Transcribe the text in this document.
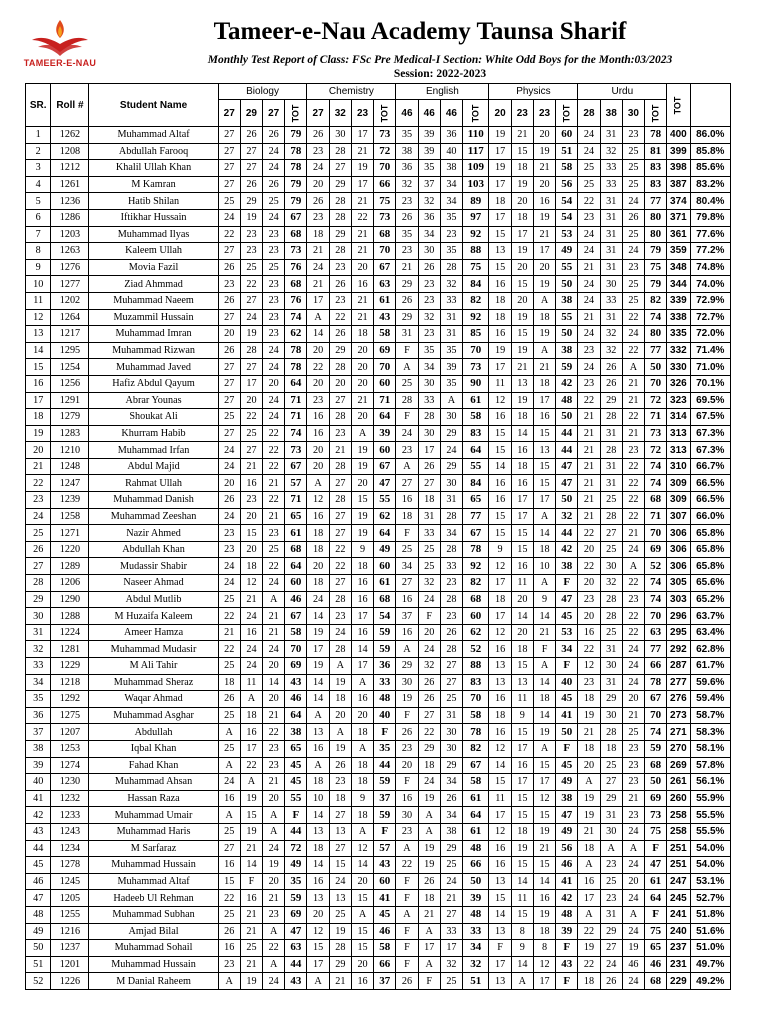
TAMEER-E-NAU
Tameer-e-Nau Academy Taunsa Sharif
Monthly Test Report of Class: FSc Pre Medical-I Section: White Odd Boys for the Month:03/2023
Session: 2022-2023
SR.	Roll #	Student Name	Biology				Chemistry				English				Physics				Urdu				TOT	
			27	29	27	TOT	27	32	23	TOT	46	46	46	TOT	20	23	23	TOT	28	38	30	TOT		
1	1262	Muhammad Altaf	27	26	26	79	26	30	17	73	35	39	36	110	19	21	20	60	24	31	23	78	400	86.0%
2	1208	Abdullah Farooq	27	27	24	78	23	28	21	72	38	39	40	117	17	15	19	51	24	32	25	81	399	85.8%
3	1212	Khalil Ullah Khan	27	27	24	78	24	27	19	70	36	35	38	109	19	18	21	58	25	33	25	83	398	85.6%
4	1261	M Kamran	27	26	26	79	20	29	17	66	32	37	34	103	17	19	20	56	25	33	25	83	387	83.2%
5	1236	Hatib Shilan	25	29	25	79	26	28	21	75	23	32	34	89	18	20	16	54	22	31	24	77	374	80.4%
6	1286	Iftikhar Hussain	24	19	24	67	23	28	22	73	26	36	35	97	17	18	19	54	23	31	26	80	371	79.8%
7	1203	Muhammad Ilyas	22	23	23	68	18	29	21	68	35	34	23	92	15	17	21	53	24	31	25	80	361	77.6%
8	1263	Kaleem Ullah	27	23	23	73	21	28	21	70	23	30	35	88	13	19	17	49	24	31	24	79	359	77.2%
9	1276	Movia Fazil	26	25	25	76	24	23	20	67	21	26	28	75	15	20	20	55	21	31	23	75	348	74.8%
10	1277	Ziad Ahmmad	23	22	23	68	21	26	16	63	29	23	32	84	16	15	19	50	24	30	25	79	344	74.0%
11	1202	Muhammad Naeem	26	27	23	76	17	23	21	61	26	23	33	82	18	20	A	38	24	33	25	82	339	72.9%
12	1264	Muzammil Hussain	27	24	23	74	A	22	21	43	29	32	31	92	18	19	18	55	21	31	22	74	338	72.7%
13	1217	Muhammad Imran	20	19	23	62	14	26	18	58	31	23	31	85	16	15	19	50	24	32	24	80	335	72.0%
14	1295	Muhammad Rizwan	26	28	24	78	20	29	20	69	F	35	35	70	19	19	A	38	23	32	22	77	332	71.4%
15	1254	Muhammad Javed	27	27	24	78	22	28	20	70	A	34	39	73	17	21	21	59	24	26	A	50	330	71.0%
16	1256	Hafiz Abdul Qayum	27	17	20	64	20	20	20	60	25	30	35	90	11	13	18	42	23	26	21	70	326	70.1%
17	1291	Abrar Younas	27	20	24	71	23	27	21	71	28	33	A	61	12	19	17	48	22	29	21	72	323	69.5%
18	1279	Shoukat Ali	25	22	24	71	16	28	20	64	F	28	30	58	16	18	16	50	21	28	22	71	314	67.5%
19	1283	Khurram Habib	27	25	22	74	16	23	A	39	24	30	29	83	15	14	15	44	21	31	21	73	313	67.3%
20	1210	Muhammad Irfan	24	27	22	73	20	21	19	60	23	17	24	64	15	16	13	44	21	28	23	72	313	67.3%
21	1248	Abdul Majid	24	21	22	67	20	28	19	67	A	26	29	55	14	18	15	47	21	31	22	74	310	66.7%
22	1247	Rahmat Ullah	20	16	21	57	A	27	20	47	27	27	30	84	16	16	15	47	21	31	22	74	309	66.5%
23	1239	Muhammad Danish	26	23	22	71	12	28	15	55	16	18	31	65	16	17	17	50	21	25	22	68	309	66.5%
24	1258	Muhammad Zeeshan	24	20	21	65	16	27	19	62	18	31	28	77	15	17	A	32	21	28	22	71	307	66.0%
25	1271	Nazir Ahmed	23	15	23	61	18	27	19	64	F	33	34	67	15	15	14	44	22	27	21	70	306	65.8%
26	1220	Abdullah Khan	23	20	25	68	18	22	9	49	25	25	28	78	9	15	18	42	20	25	24	69	306	65.8%
27	1289	Mudassir Shabir	24	18	22	64	20	22	18	60	34	25	33	92	12	16	10	38	22	30	A	52	306	65.8%
28	1206	Naseer Ahmad	24	12	24	60	18	27	16	61	27	32	23	82	17	11	A	F	20	32	22	74	305	65.6%
29	1290	Abdul Mutlib	25	21	A	46	24	28	16	68	16	24	28	68	18	20	9	47	23	28	23	74	303	65.2%
30	1288	M Huzaifa Kaleem	22	24	21	67	14	23	17	54	37	F	23	60	17	14	14	45	20	28	22	70	296	63.7%
31	1224	Ameer Hamza	21	16	21	58	19	24	16	59	16	20	26	62	12	20	21	53	16	25	22	63	295	63.4%
32	1281	Muhammad Mudasir	22	24	24	70	17	28	14	59	A	24	28	52	16	18	F	34	22	31	24	77	292	62.8%
33	1229	M Ali Tahir	25	24	20	69	19	A	17	36	29	32	27	88	13	15	A	F	12	30	24	66	287	61.7%
34	1218	Muhammad Sheraz	18	11	14	43	14	19	A	33	30	26	27	83	13	13	14	40	23	31	24	78	277	59.6%
35	1292	Waqar Ahmad	26	A	20	46	14	18	16	48	19	26	25	70	16	11	18	45	18	29	20	67	276	59.4%
36	1275	Muhammad Asghar	25	18	21	64	A	20	20	40	F	27	31	58	18	9	14	41	19	30	21	70	273	58.7%
37	1207	Abdullah	A	16	22	38	13	A	18	F	26	22	30	78	16	15	19	50	21	28	25	74	271	58.3%
38	1253	Iqbal Khan	25	17	23	65	16	19	A	35	23	29	30	82	12	17	A	F	18	18	23	59	270	58.1%
39	1274	Fahad Khan	A	22	23	45	A	26	18	44	20	18	29	67	14	16	15	45	20	25	23	68	269	57.8%
40	1230	Muhammad Ahsan	24	A	21	45	18	23	18	59	F	24	34	58	15	17	17	49	A	27	23	50	261	56.1%
41	1232	Hassan Raza	16	19	20	55	10	18	9	37	16	19	26	61	11	15	12	38	19	29	21	69	260	55.9%
42	1233	Muhammad Umair	A	15	A	F	14	27	18	59	30	A	34	64	17	15	15	47	19	31	23	73	258	55.5%
43	1243	Muhammad Haris	25	19	A	44	13	13	A	F	23	A	38	61	12	18	19	49	21	30	24	75	258	55.5%
44	1234	M Sarfaraz	27	21	24	72	18	27	12	57	A	19	29	48	16	19	21	56	18	A	A	F	251	54.0%
45	1278	Muhammad Hussain	16	14	19	49	14	15	14	43	22	19	25	66	16	15	15	46	A	23	24	47	251	54.0%
46	1245	Muhammad Altaf	15	F	20	35	16	24	20	60	F	26	24	50	13	14	14	41	16	25	20	61	247	53.1%
47	1205	Hadeeb Ul Rehman	22	16	21	59	13	13	15	41	F	18	21	39	15	11	16	42	17	23	24	64	245	52.7%
48	1255	Muhammad Subhan	25	21	23	69	20	25	A	45	A	21	27	48	14	15	19	48	A	31	A	F	241	51.8%
49	1216	Amjad Bilal	26	21	A	47	12	19	15	46	F	A	33	33	13	8	18	39	22	29	24	75	240	51.6%
50	1237	Muhammad Sohail	16	25	22	63	15	28	15	58	F	17	17	34	F	9	8	F	19	27	19	65	237	51.0%
51	1201	Muhammad Hussain	23	21	A	44	17	29	20	66	F	A	32	32	17	14	12	43	22	24	46	46	231	49.7%
52	1226	M Danial Raheem	A	19	24	43	A	21	16	37	26	F	25	51	13	A	17	F	18	26	24	68	229	49.2%
